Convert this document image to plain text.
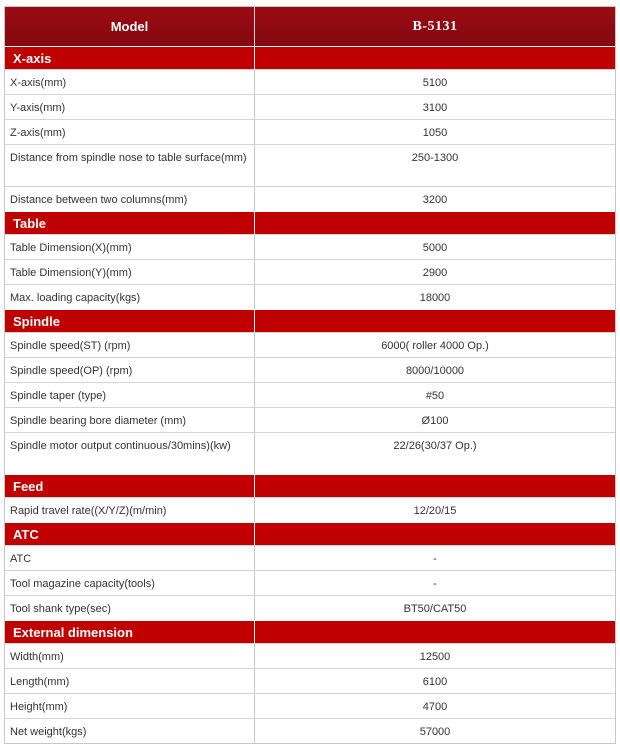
Model	B-5131
X-axis
X-axis(mm)	5100
Y-axis(mm)	3100
Z-axis(mm)	1050
Distance from spindle nose to table surface(mm)	250-1300
Distance between two columns(mm)	3200
Table
Table Dimension(X)(mm)	5000
Table Dimension(Y)(mm)	2900
Max. loading capacity(kgs)	18000
Spindle
Spindle speed(ST) (rpm)	6000( roller 4000 Op.)
Spindle speed(OP) (rpm)	8000/10000
Spindle taper (type)	#50
Spindle bearing bore diameter (mm)	Ø100
Spindle motor output continuous/30mins)(kw)	22/26(30/37 Op.)
Feed
Rapid travel rate((X/Y/Z)(m/min)	12/20/15
ATC
ATC	-
Tool magazine capacity(tools)	-
Tool shank type(sec)	BT50/CAT50
External dimension
Width(mm)	12500
Length(mm)	6100
Height(mm)	4700
Net weight(kgs)	57000
